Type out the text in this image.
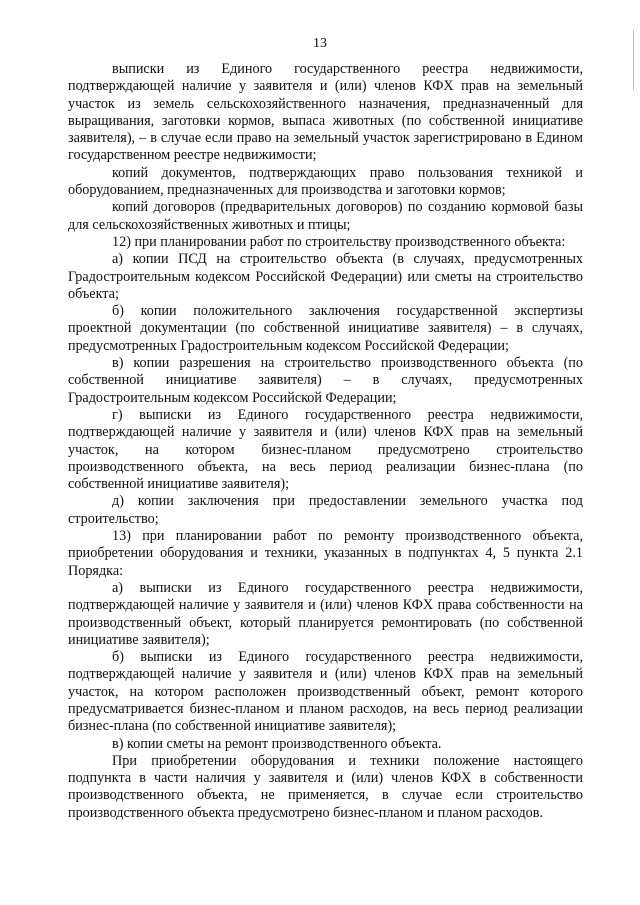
13

выписки из Единого государственного реестра недвижимости, подтверждающей наличие у заявителя и (или) членов КФХ прав на земельный участок из земель сельскохозяйственного назначения, предназначенный для выращивания, заготовки кормов, выпаса животных (по собственной инициативе заявителя), – в случае если право на земельный участок зарегистрировано в Едином государственном реестре недвижимости;

копий документов, подтверждающих право пользования техникой и оборудованием, предназначенных для производства и заготовки кормов;

копий договоров (предварительных договоров) по созданию кормовой базы для сельскохозяйственных животных и птицы;

12) при планировании работ по строительству производственного объекта:

а) копии ПСД на строительство объекта (в случаях, предусмотренных Градостроительным кодексом Российской Федерации) или сметы на строительство объекта;

б) копии положительного заключения государственной экспертизы проектной документации (по собственной инициативе заявителя) – в случаях, предусмотренных Градостроительным кодексом Российской Федерации;

в) копии разрешения на строительство производственного объекта (по собственной инициативе заявителя) – в случаях, предусмотренных Градостроительным кодексом Российской Федерации;

г) выписки из Единого государственного реестра недвижимости, подтверждающей наличие у заявителя и (или) членов КФХ прав на земельный участок, на котором бизнес-планом предусмотрено строительство производственного объекта, на весь период реализации бизнес-плана (по собственной инициативе заявителя);

д) копии заключения при предоставлении земельного участка под строительство;

13) при планировании работ по ремонту производственного объекта, приобретении оборудования и техники, указанных в подпунктах 4, 5 пункта 2.1 Порядка:

а) выписки из Единого государственного реестра недвижимости, подтверждающей наличие у заявителя и (или) членов КФХ права собственности на производственный объект, который планируется ремонтировать (по собственной инициативе заявителя);

б) выписки из Единого государственного реестра недвижимости, подтверждающей наличие у заявителя и (или) членов КФХ прав на земельный участок, на котором расположен производственный объект, ремонт которого предусматривается бизнес-планом и планом расходов, на весь период реализации бизнес-плана (по собственной инициативе заявителя);

в) копии сметы на ремонт производственного объекта.

При приобретении оборудования и техники положение настоящего подпункта в части наличия у заявителя и (или) членов КФХ в собственности производственного объекта, не применяется, в случае если строительство производственного объекта предусмотрено бизнес-планом и планом расходов.
